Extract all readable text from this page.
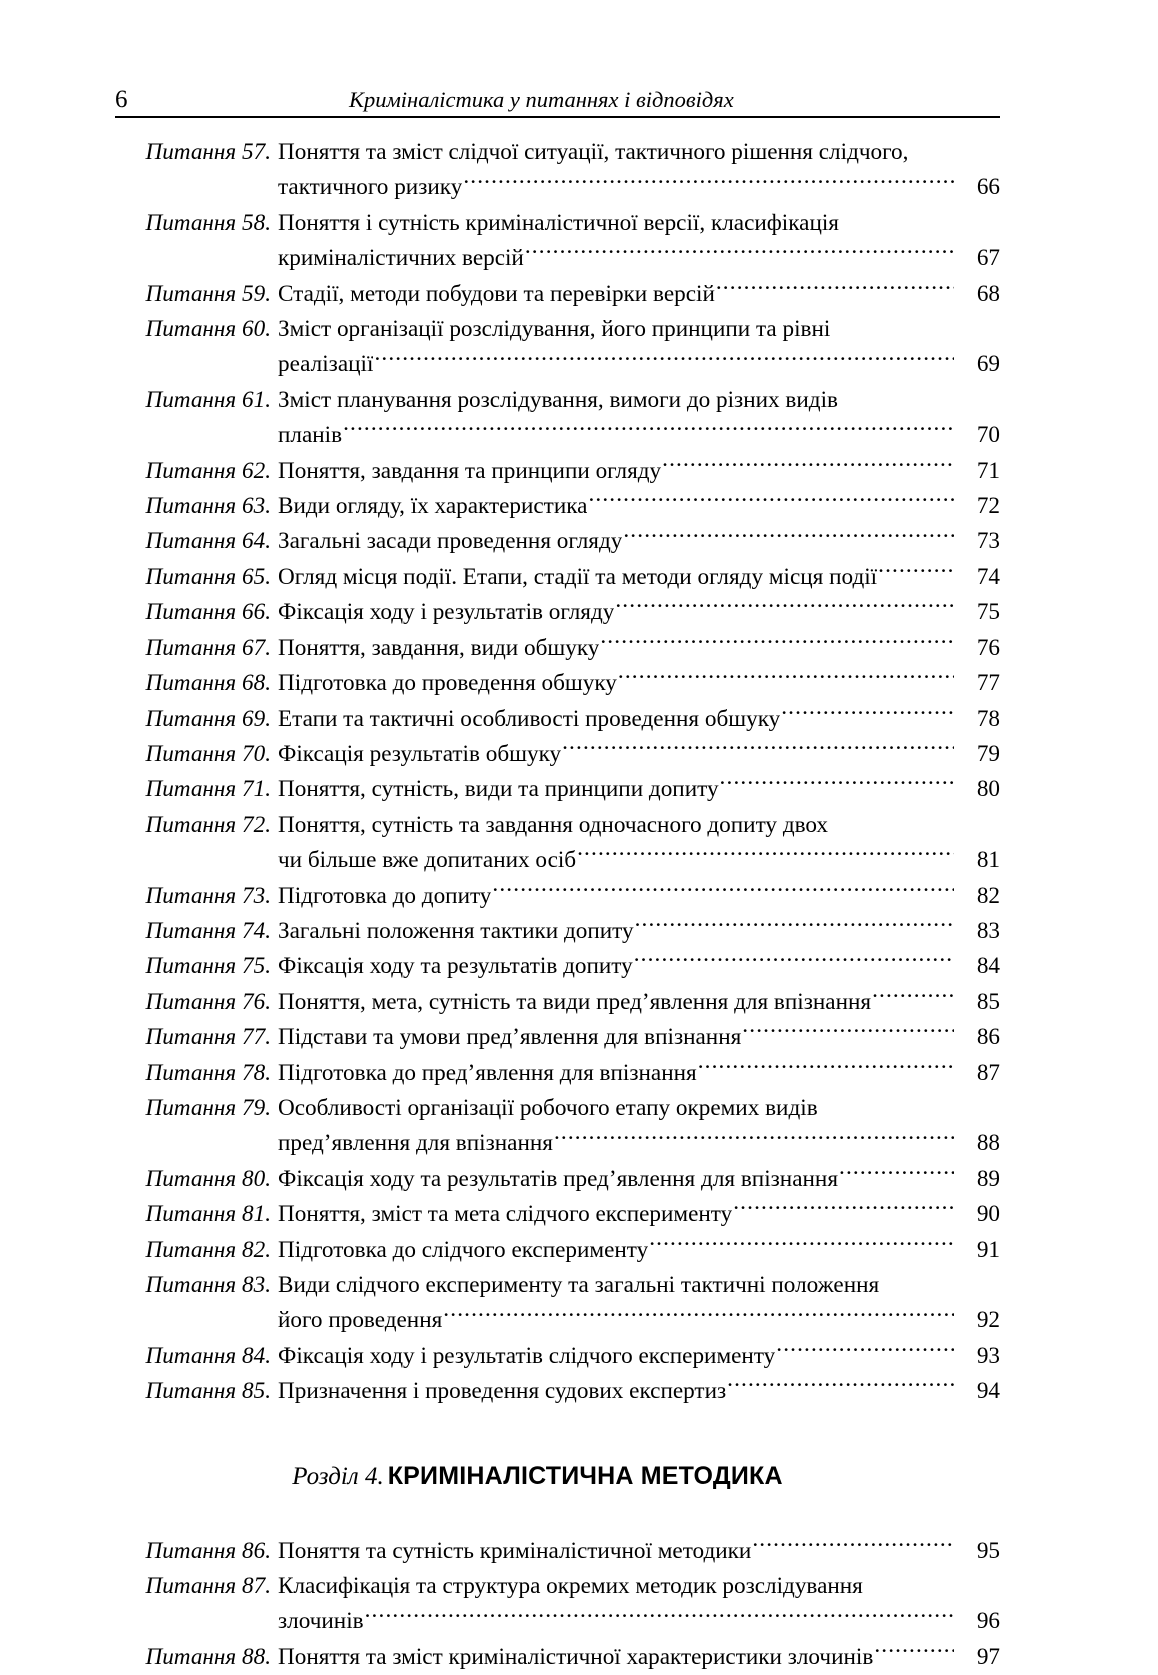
6	Криміналістика у питаннях і відповідях
Питання 57. Поняття та зміст слідчої ситуації, тактичного рішення слідчого,
тактичного ризику .....	66
Питання 58. Поняття і сутність криміналістичної версії, класифікація
криміналістичних версій .....	67
Питання 59. Стадії, методи побудови та перевірки версій .....	68
Питання 60. Зміст організації розслідування, його принципи та рівні
реалізації .....	69
Питання 61. Зміст планування розслідування, вимоги до різних видів
планів .....	70
Питання 62. Поняття, завдання та принципи огляду .....	71
Питання 63. Види огляду, їх характеристика .....	72
Питання 64. Загальні засади проведення огляду .....	73
Питання 65. Огляд місця події. Етапи, стадії та методи огляду місця події .....	74
Питання 66. Фіксація ходу і результатів огляду .....	75
Питання 67. Поняття, завдання, види обшуку .....	76
Питання 68. Підготовка до проведення обшуку .....	77
Питання 69. Етапи та тактичні особливості проведення обшуку .....	78
Питання 70. Фіксація результатів обшуку .....	79
Питання 71. Поняття, сутність, види та принципи допиту .....	80
Питання 72. Поняття, сутність та завдання одночасного допиту двох
чи більше вже допитаних осіб .....	81
Питання 73. Підготовка до допиту .....	82
Питання 74. Загальні положення тактики допиту .....	83
Питання 75. Фіксація ходу та результатів допиту .....	84
Питання 76. Поняття, мета, сутність та види пред’явлення для впізнання .....	85
Питання 77. Підстави та умови пред’явлення для впізнання .....	86
Питання 78. Підготовка до пред’явлення для впізнання .....	87
Питання 79. Особливості організації робочого етапу окремих видів
пред’явлення для впізнання .....	88
Питання 80. Фіксація ходу та результатів пред’явлення для впізнання .....	89
Питання 81. Поняття, зміст та мета слідчого експерименту .....	90
Питання 82. Підготовка до слідчого експерименту .....	91
Питання 83. Види слідчого експерименту та загальні тактичні положення
його проведення .....	92
Питання 84. Фіксація ходу і результатів слідчого експерименту .....	93
Питання 85. Призначення і проведення судових експертиз .....	94
Розділ 4. КРИМІНАЛІСТИЧНА МЕТОДИКА
Питання 86. Поняття та сутність криміналістичної методики .....	95
Питання 87. Класифікація та структура окремих методик розслідування
злочинів .....	96
Питання 88. Поняття та зміст криміналістичної характеристики злочинів .....	97
